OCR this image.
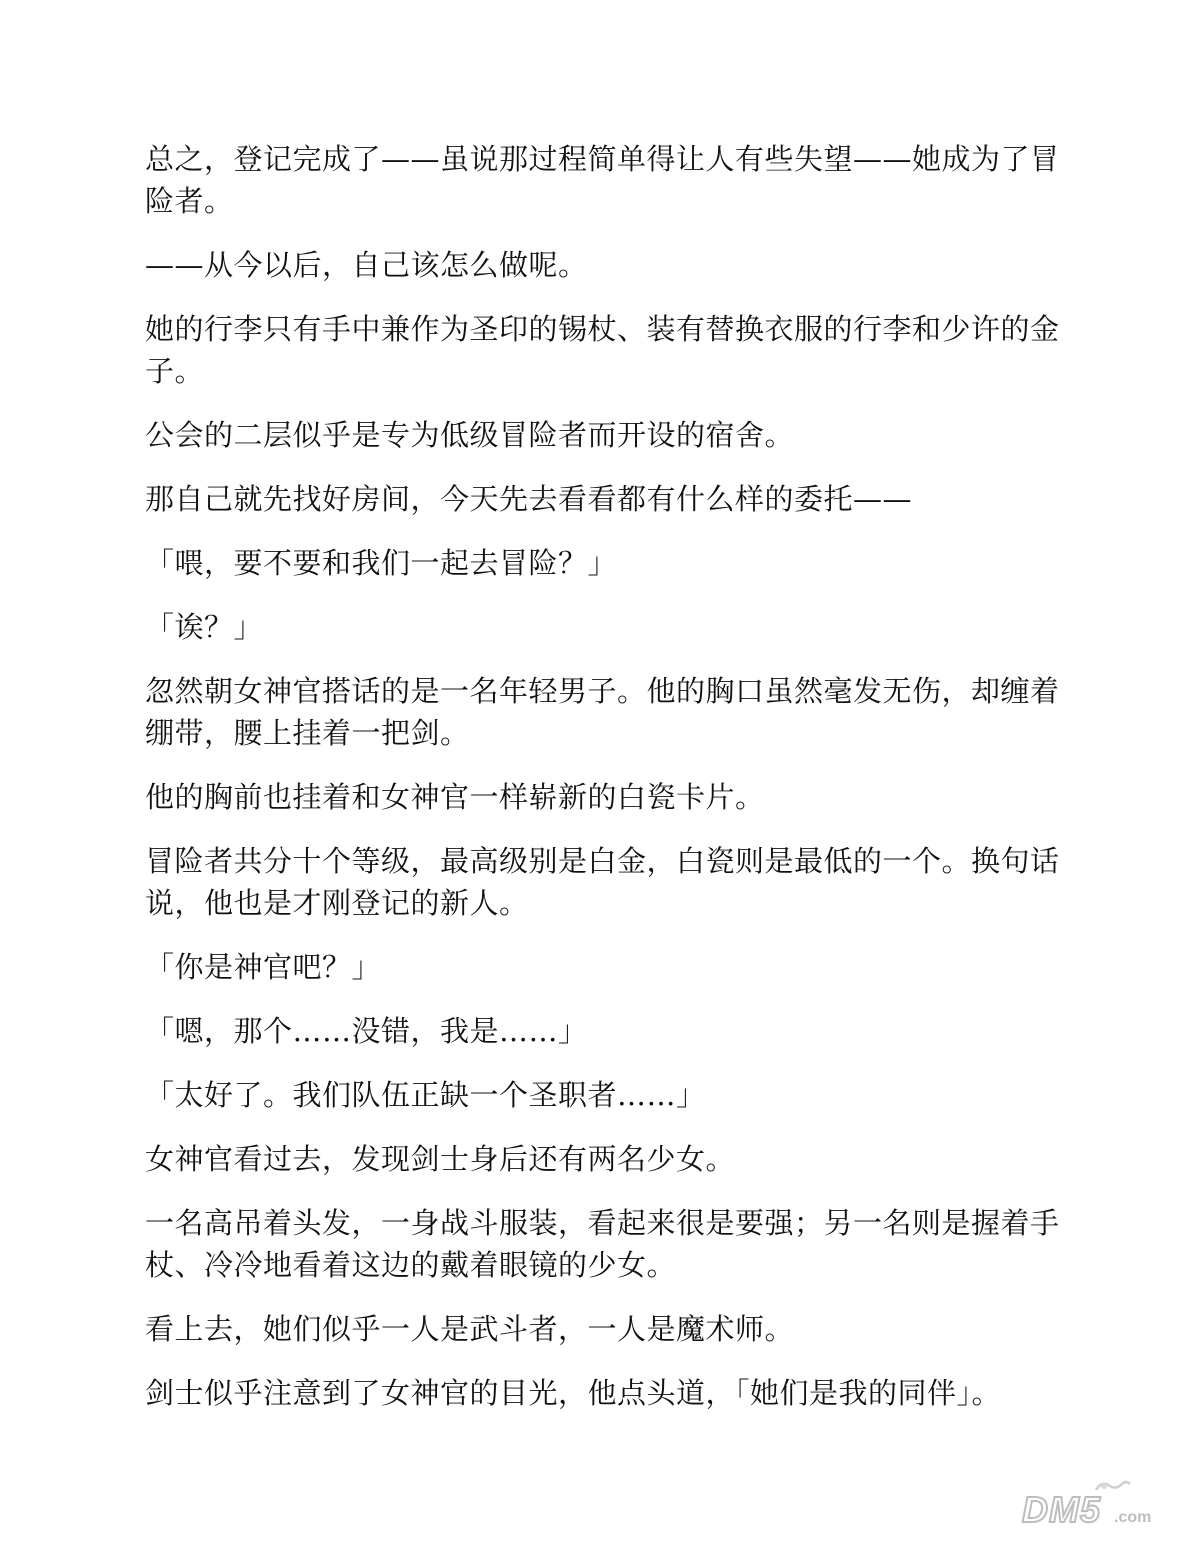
总之，登记完成了——虽说那过程简单得让人有些失望——她成为了冒险者。

——从今以后，自己该怎么做呢。

她的行李只有手中兼作为圣印的锡杖、装有替换衣服的行李和少许的金子。

公会的二层似乎是专为低级冒险者而开设的宿舍。

那自己就先找好房间，今天先去看看都有什么样的委托——

「喂，要不要和我们一起去冒险？」

「诶？」

忽然朝女神官搭话的是一名年轻男子。他的胸口虽然毫发无伤，却缠着绷带，腰上挂着一把剑。

他的胸前也挂着和女神官一样崭新的白瓷卡片。

冒险者共分十个等级，最高级别是白金，白瓷则是最低的一个。换句话说，他也是才刚登记的新人。

「你是神官吧？」

「嗯，那个……没错，我是……」

「太好了。我们队伍正缺一个圣职者……」

女神官看过去，发现剑士身后还有两名少女。

一名高吊着头发，一身战斗服装，看起来很是要强；另一名则是握着手杖、冷冷地看着这边的戴着眼镜的少女。

看上去，她们似乎一人是武斗者，一人是魔术师。

剑士似乎注意到了女神官的目光，他点头道，「她们是我的同伴」。

DM5 .com
